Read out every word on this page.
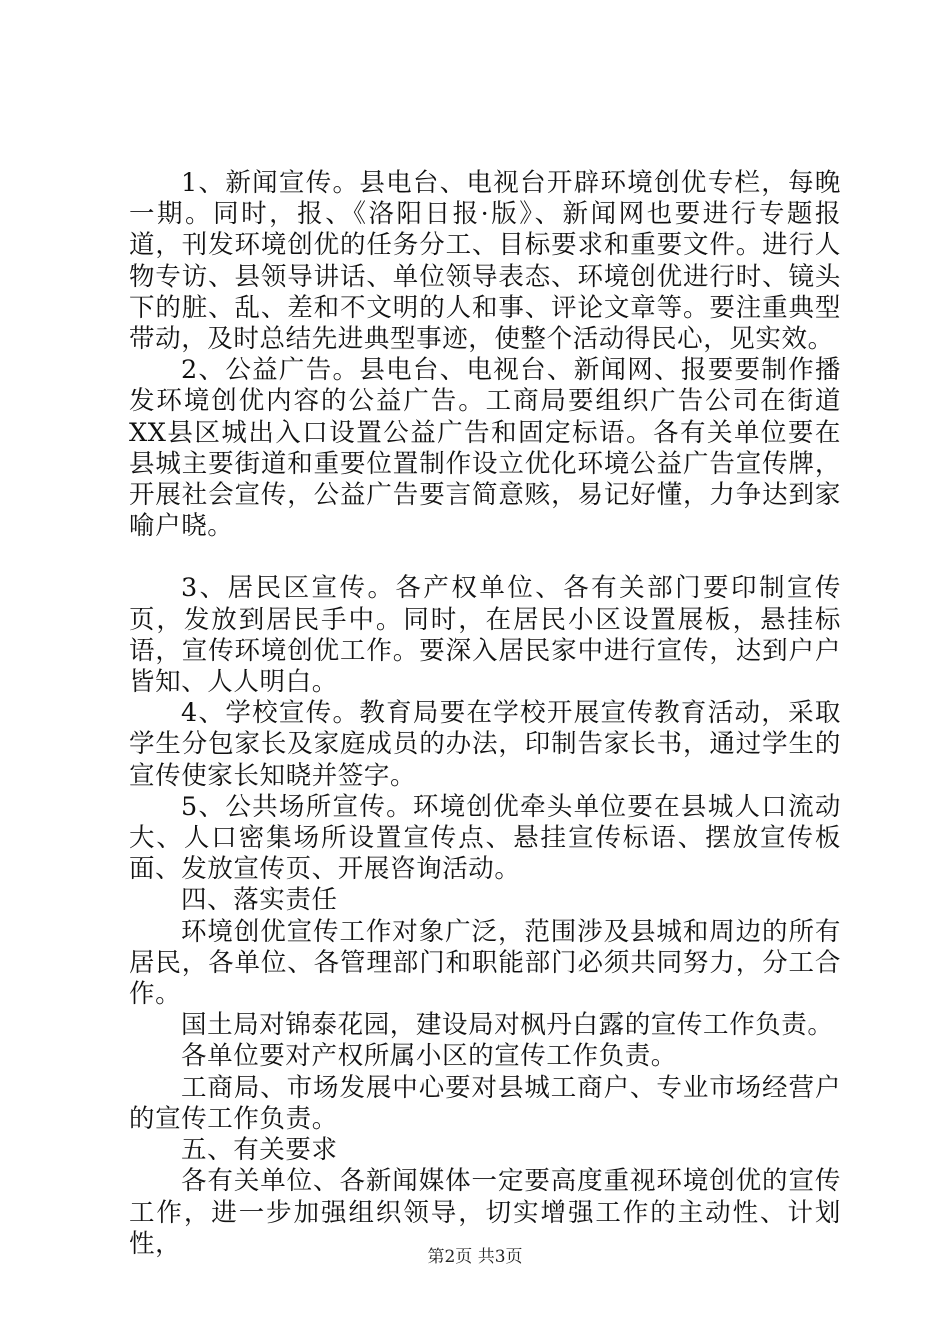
1、新闻宣传。县电台、电视台开辟环境创优专栏，每晚一期。同时，报、《洛阳日报·版》、新闻网也要进行专题报道，刊发环境创优的任务分工、目标要求和重要文件。进行人物专访、县领导讲话、单位领导表态、环境创优进行时、镜头下的脏、乱、差和不文明的人和事、评论文章等。要注重典型带动，及时总结先进典型事迹，使整个活动得民心，见实效。

2、公益广告。县电台、电视台、新闻网、报要要制作播发环境创优内容的公益广告。工商局要组织广告公司在街道XX县区城出入口设置公益广告和固定标语。各有关单位要在县城主要街道和重要位置制作设立优化环境公益广告宣传牌，开展社会宣传，公益广告要言简意赅，易记好懂，力争达到家喻户晓。

3、居民区宣传。各产权单位、各有关部门要印制宣传页，发放到居民手中。同时，在居民小区设置展板，悬挂标语，宣传环境创优工作。要深入居民家中进行宣传，达到户户皆知、人人明白。

4、学校宣传。教育局要在学校开展宣传教育活动，采取学生分包家长及家庭成员的办法，印制告家长书，通过学生的宣传使家长知晓并签字。

5、公共场所宣传。环境创优牵头单位要在县城人口流动大、人口密集场所设置宣传点、悬挂宣传标语、摆放宣传板面、发放宣传页、开展咨询活动。

四、落实责任

环境创优宣传工作对象广泛，范围涉及县城和周边的所有居民，各单位、各管理部门和职能部门必须共同努力，分工合作。

国土局对锦泰花园，建设局对枫丹白露的宣传工作负责。

各单位要对产权所属小区的宣传工作负责。

工商局、市场发展中心要对县城工商户、专业市场经营户的宣传工作负责。

五、有关要求

各有关单位、各新闻媒体一定要高度重视环境创优的宣传工作，进一步加强组织领导，切实增强工作的主动性、计划性，	第2页 共3页
